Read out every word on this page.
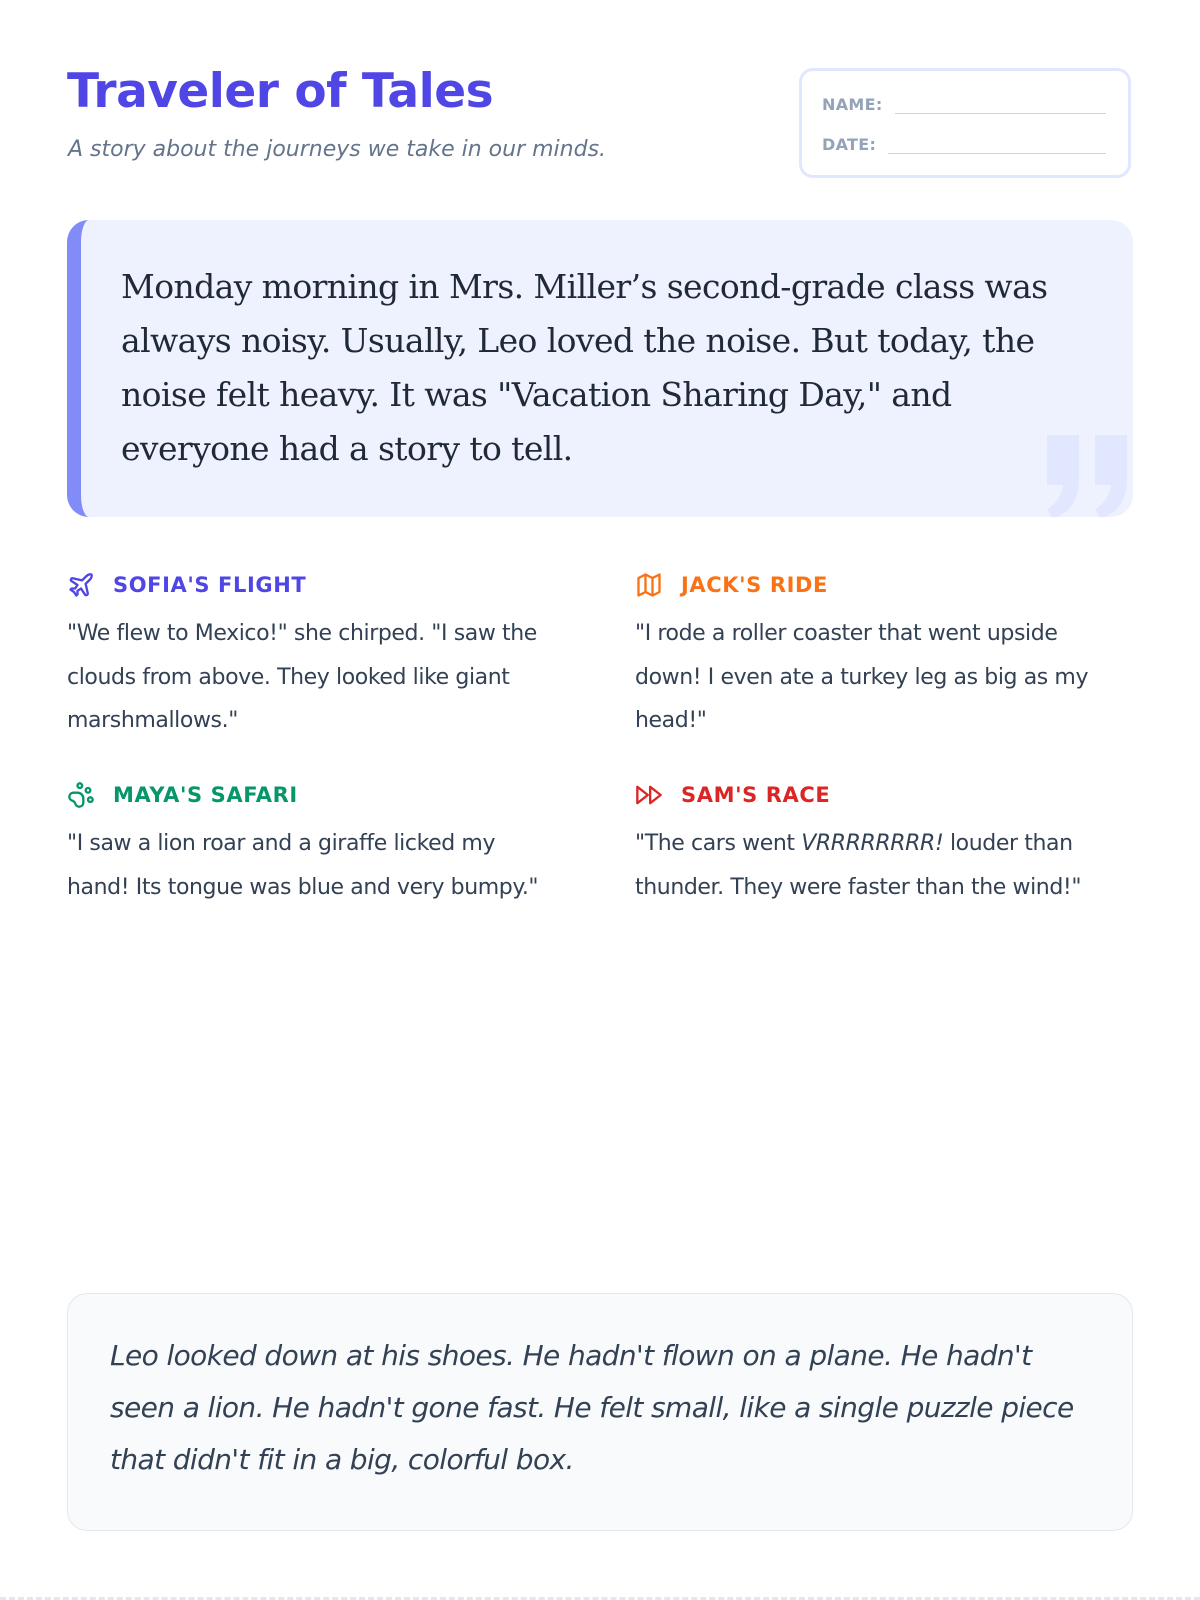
Traveler of Tales

A story about the journeys we take in our minds.

NAME:
DATE:

Monday morning in Mrs. Miller’s second-grade class was always noisy. Usually, Leo loved the noise. But today, the noise felt heavy. It was "Vacation Sharing Day," and everyone had a story to tell.

SOFIA'S FLIGHT

"We flew to Mexico!" she chirped. "I saw the clouds from above. They looked like giant marshmallows."

JACK'S RIDE

"I rode a roller coaster that went upside down! I even ate a turkey leg as big as my head!"

MAYA'S SAFARI

"I saw a lion roar and a giraffe licked my hand! Its tongue was blue and very bumpy."

SAM'S RACE

"The cars went VRRRRRRRR! louder than thunder. They were faster than the wind!"

Leo looked down at his shoes. He hadn't flown on a plane. He hadn't seen a lion. He hadn't gone fast. He felt small, like a single puzzle piece that didn't fit in a big, colorful box.
